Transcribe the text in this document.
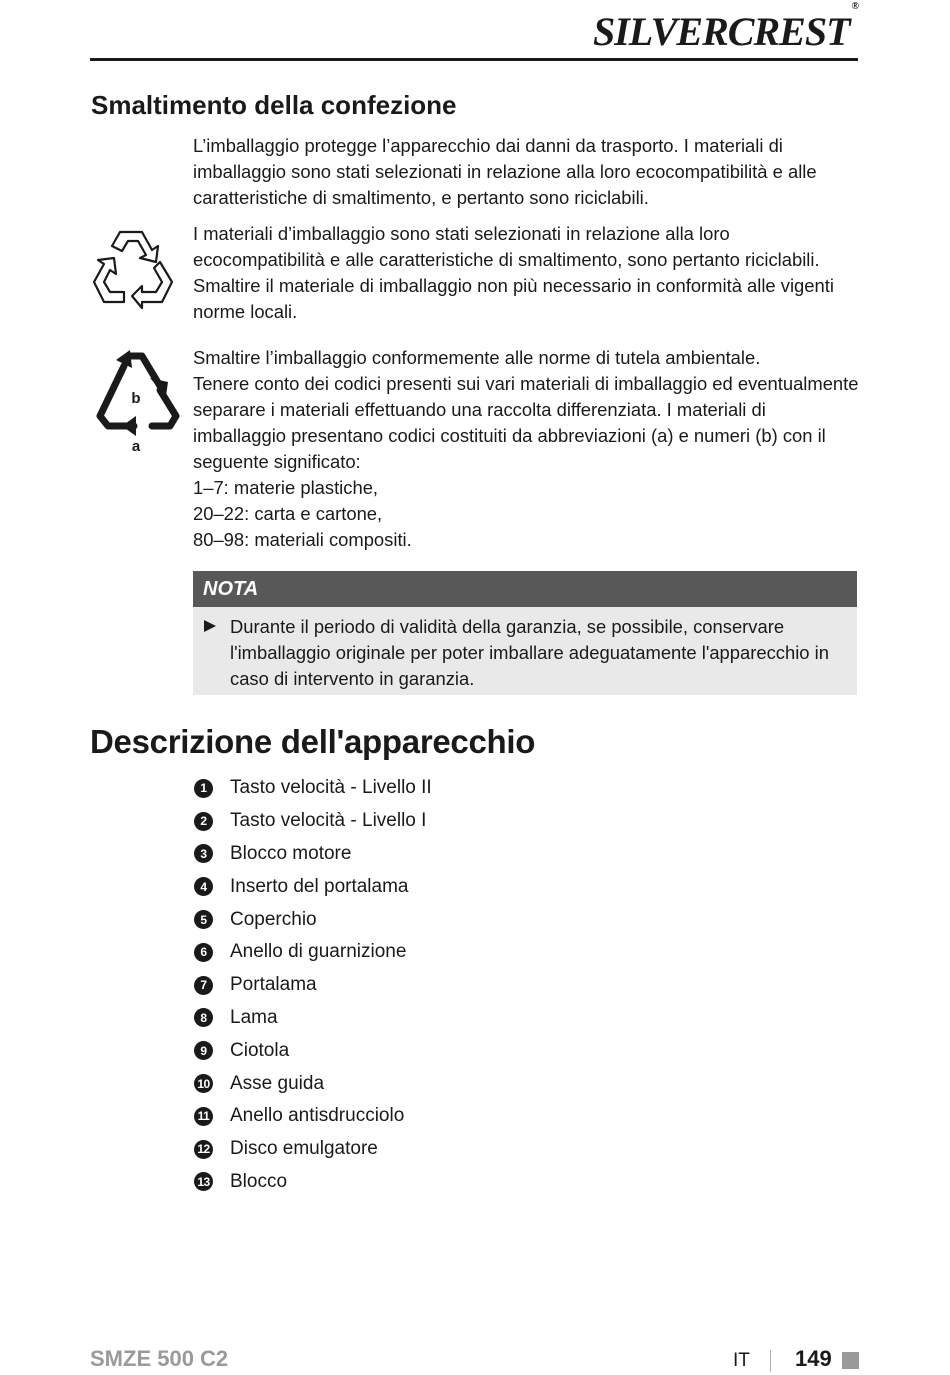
SILVERCREST®
Smaltimento della confezione

L’imballaggio protegge l’apparecchio dai danni da trasporto. I materiali di imballaggio sono stati selezionati in relazione alla loro ecocompatibilità e alle caratteristiche di smaltimento, e pertanto sono riciclabili.

I materiali d’imballaggio sono stati selezionati in relazione alla loro ecocompatibilità e alle caratteristiche di smaltimento, sono pertanto riciclabili. Smaltire il materiale di imballaggio non più necessario in conformità alle vigenti norme locali.

b
a

Smaltire l’imballaggio conformemente alle norme di tutela ambientale.

Tenere conto dei codici presenti sui vari materiali di imballaggio ed eventualmente separare i materiali effettuando una raccolta differenziata. I materiali di imballaggio presentano codici costituiti da abbreviazioni (a) e numeri (b) con il seguente significato:

1–7: materie plastiche,

20–22: carta e cartone,

80–98: materiali compositi.

NOTA
Durante il periodo di validità della garanzia, se possibile, conservare l'imballaggio originale per poter imballare adeguatamente l'apparecchio in caso di intervento in garanzia.
Descrizione dell'apparecchio
1	Tasto velocità - Livello II
2	Tasto velocità - Livello I
3	Blocco motore
4	Inserto del portalama
5	Coperchio
6	Anello di guarnizione
7	Portalama
8	Lama
9	Ciotola
10 Asse guida
11 Anello antisdrucciolo
12 Disco emulgatore
13 Blocco
SMZE 500 C2	IT 149
